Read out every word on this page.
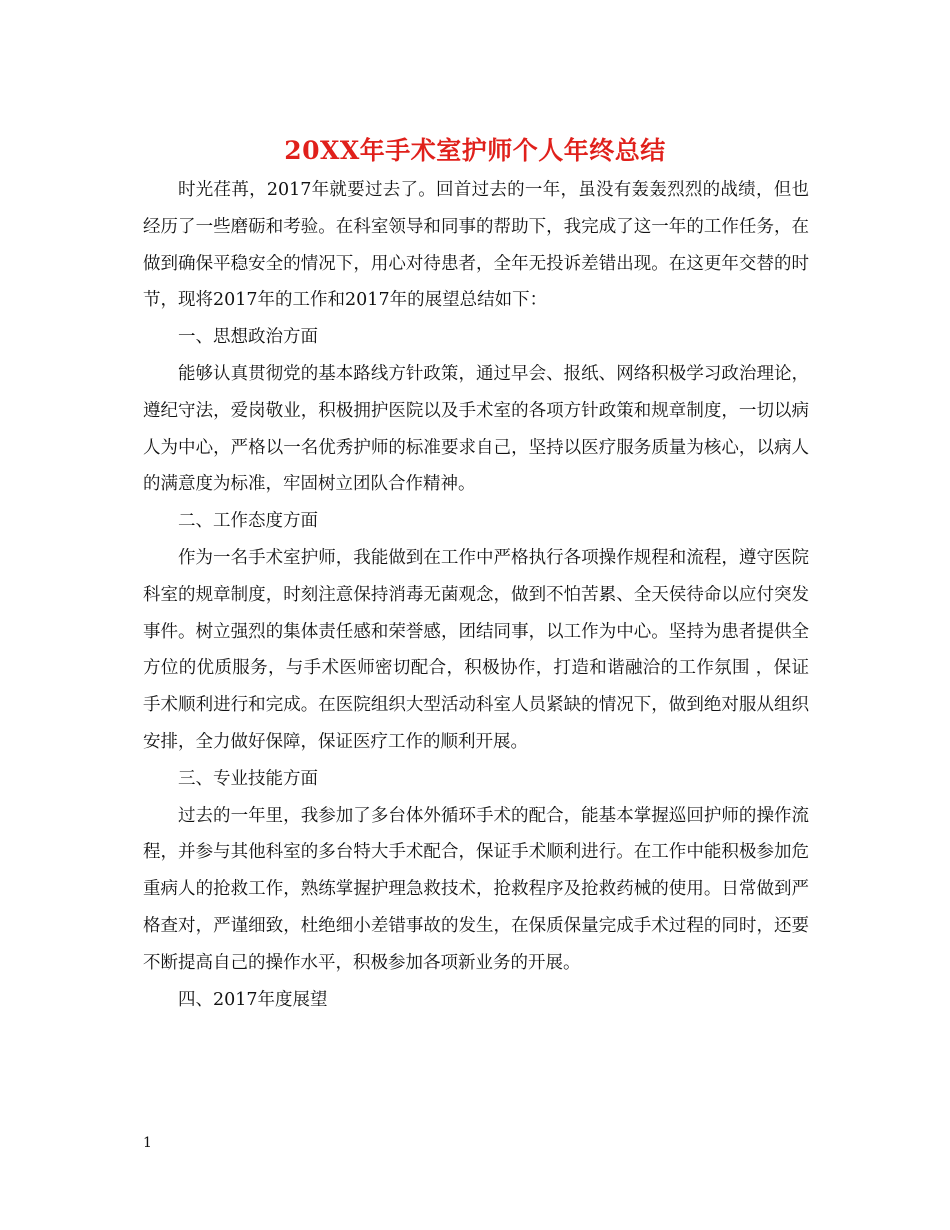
20XX年手术室护师个人年终总结

时光荏苒，2017年就要过去了。回首过去的一年，虽没有轰轰烈烈的战绩，但也经历了一些磨砺和考验。在科室领导和同事的帮助下，我完成了这一年的工作任务，在做到确保平稳安全的情况下，用心对待患者，全年无投诉差错出现。在这更年交替的时节，现将2017年的工作和2017年的展望总结如下：

一、思想政治方面

能够认真贯彻党的基本路线方针政策，通过早会、报纸、网络积极学习政治理论，遵纪守法，爱岗敬业，积极拥护医院以及手术室的各项方针政策和规章制度，一切以病人为中心，严格以一名优秀护师的标准要求自己，坚持以医疗服务质量为核心，以病人的满意度为标准，牢固树立团队合作精神。

二、工作态度方面

作为一名手术室护师，我能做到在工作中严格执行各项操作规程和流程，遵守医院科室的规章制度，时刻注意保持消毒无菌观念，做到不怕苦累、全天侯待命以应付突发事件。树立强烈的集体责任感和荣誉感，团结同事，以工作为中心。坚持为患者提供全方位的优质服务，与手术医师密切配合，积极协作，打造和谐融洽的工作氛围 ，保证手术顺利进行和完成。在医院组织大型活动科室人员紧缺的情况下，做到绝对服从组织安排，全力做好保障，保证医疗工作的顺利开展。

三、专业技能方面

过去的一年里，我参加了多台体外循环手术的配合，能基本掌握巡回护师的操作流程，并参与其他科室的多台特大手术配合，保证手术顺利进行。在工作中能积极参加危重病人的抢救工作，熟练掌握护理急救技术，抢救程序及抢救药械的使用。日常做到严格查对，严谨细致，杜绝细小差错事故的发生，在保质保量完成手术过程的同时，还要不断提高自己的操作水平，积极参加各项新业务的开展。

四、2017年度展望

1
